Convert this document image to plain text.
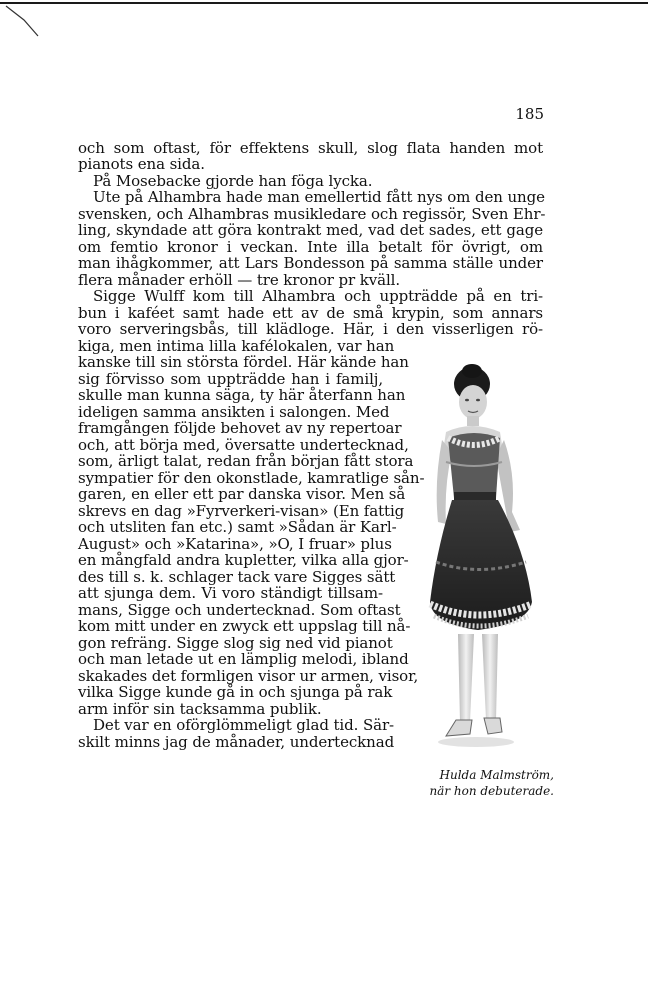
185
och som oftast, för effektens skull, slog flata handen mot
pianots ena sida.
På Mosebacke gjorde han föga lycka.
Ute på Alhambra hade man emellertid fått nys om den unge
svensken, och Alhambras musikledare och regissör, Sven Ehr-
ling, skyndade att göra kontrakt med, vad det sades, ett gage
om femtio kronor i veckan. Inte illa betalt för övrigt, om
man ihågkommer, att Lars Bondesson på samma ställe under
flera månader erhöll — tre kronor pr kväll.
Sigge Wulff kom till Alhambra och uppträdde på en tri-
bun i kaféet samt hade ett av de små krypin, som annars
voro serveringsbås, till klädloge. Här, i den visserligen rö-
kiga, men intima lilla kafélokalen, var han
kanske till sin största fördel. Här kände han
sig förvisso som uppträdde han i familj,
skulle man kunna säga, ty här återfann han
ideligen samma ansikten i salongen. Med
framgången följde behovet av ny repertoar
och, att börja med, översatte undertecknad,
som, ärligt talat, redan från början fått stora
sympatier för den okonstlade, kamratlige sån-
garen, en eller ett par danska visor. Men så
skrevs en dag »Fyrverkeri-visan» (En fattig
och utsliten fan etc.) samt »Sådan är Karl-
August» och »Katarina», »O, I fruar» plus
en mångfald andra kupletter, vilka alla gjor-
des till s. k. schlager tack vare Sigges sätt
att sjunga dem. Vi voro ständigt tillsam-
mans, Sigge och undertecknad. Som oftast
kom mitt under en zwyck ett uppslag till nå-
gon refräng. Sigge slog sig ned vid pianot
och man letade ut en lämplig melodi, ibland
skakades det formligen visor ur armen, visor,
vilka Sigge kunde gå in och sjunga på rak
arm inför sin tacksamma publik.
Det var en oförglömmeligt glad tid. Sär-
skilt minns jag de månader, undertecknad
Hulda Malmström,
när hon debuterade.
